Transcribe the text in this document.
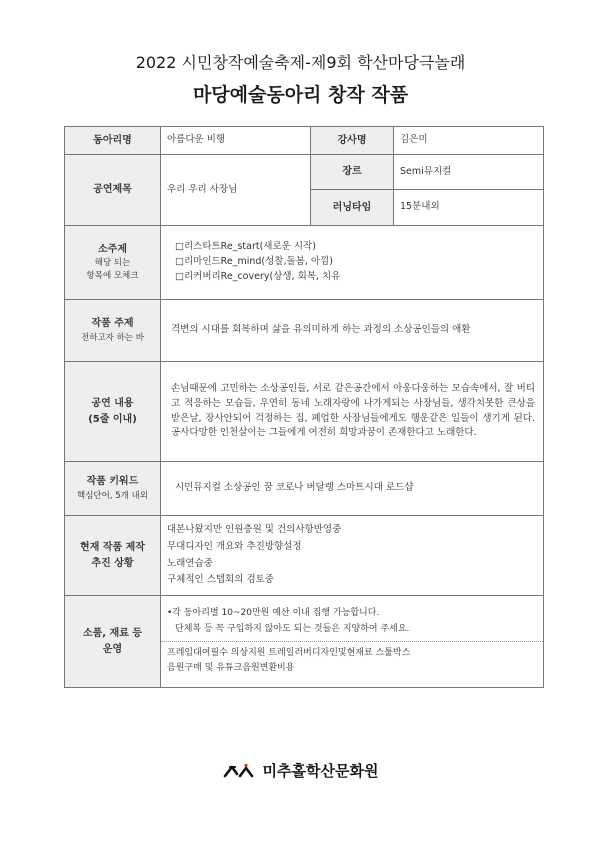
2022 시민창작예술축제-제9회 학산마당극놀래
마당예술동아리 창작 작품
동아리명	아름다운 비행	강사명	김은미

공연제목	우리 우리 사장님	장르	Semi뮤지컬

		러닝타임	15분내외

소주제
해당 되는
항목에 모체크	□리스타트Re_start(새로운 시작)
□리마인드Re_mind(성찰,돌봄, 아낌)
□리커버리Re_covery(상생, 회복, 치유		

작품 주제
전하고자 하는 바	격변의 시대를 회복하며 삶을 유의미하게 하는 과정의 소상공인들의 애환		

공연 내용
(5줄 이내)	손님때문에 고민하는 소상공인들, 서로 같은공간에서 아웅다웅하는 모습속에서, 잘 버티고 적응하는 모습들, 우연히 동네 노래자랑에 나가게되는 사장님들, 생각치못한 큰상을 받은날, 장사안되어 걱정하는 집, 폐업한 사장님들에게도 행운같은 일들이 생기게 된다. 공사다망한 인천살이는 그들에게 여전히 희망과꿈이 존재한다고 노래한다.		

작품 키워드
핵심단어, 5개 내외	시민뮤지컬 소상공인 꿈 코로나 버달랭 스마트시대 로드샵		

현재 작품 제작
추진 상황	대본나왔지만 인원충원 및 건의사항반영중
무대디자인 개요와 추진방향설정
노래연습중
구체적인 스텝회의 검토중		

소품, 재료 등
운영	•각 동아리별 10~20만원 예산 이내 집행 가능합니다.
단체복 등 꼭 구입하지 않아도 되는 것들은 지양하여 주세요.
프레임대여필수 의상지원 트레일러버디자인및현재료 스툴박스
음원구매 및 유튜크음원변환비용		
미추홀학산문화원
